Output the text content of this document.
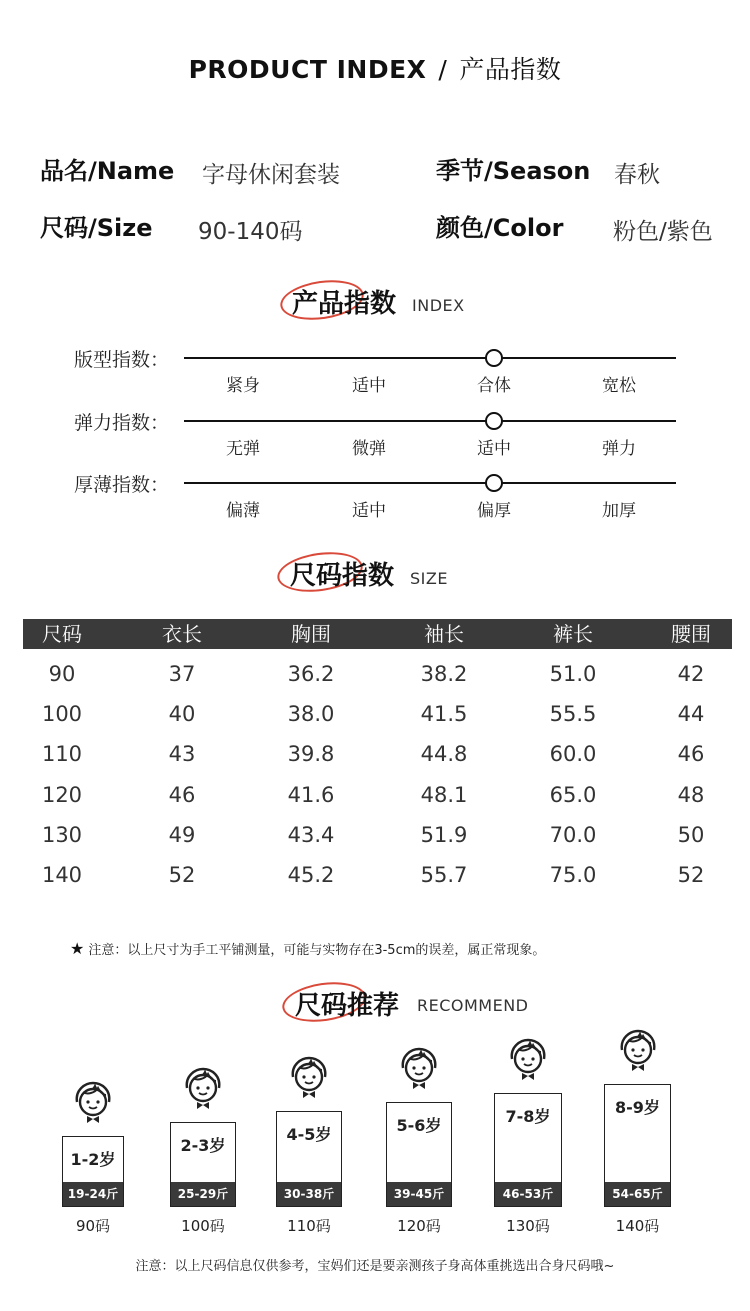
PRODUCT INDEX / 产品指数
品名/Name 字母休闲套装	季节/Season 春秋
尺码/Size 90-140码	颜色/Color 粉色/紫色
产品指数 INDEX
版型指数：
紧身	适中	合体	宽松
弹力指数：
无弹	微弹	适中	弹力
厚薄指数：
偏薄	适中	偏厚	加厚
尺码指数 SIZE
尺码	衣长	胸围	袖长	裤长	腰围
90	37	36.2	38.2	51.0	42
100	40	38.0	41.5	55.5	44
110	43	39.8	44.8	60.0	46
120	46	41.6	48.1	65.0	48
130	49	43.4	51.9	70.0	50
140	52	45.2	55.7	75.0	52
★ 注意：以上尺寸为手工平铺测量，可能与实物存在3-5cm的误差，属正常现象。
尺码推荐 RECOMMEND
1-2岁
19-24斤
90码
2-3岁
25-29斤
100码
4-5岁
30-38斤
110码
5-6岁
39-45斤
120码
7-8岁
46-53斤
130码
8-9岁
54-65斤
140码
注意：以上尺码信息仅供参考，宝妈们还是要亲测孩子身高体重挑选出合身尺码哦~
